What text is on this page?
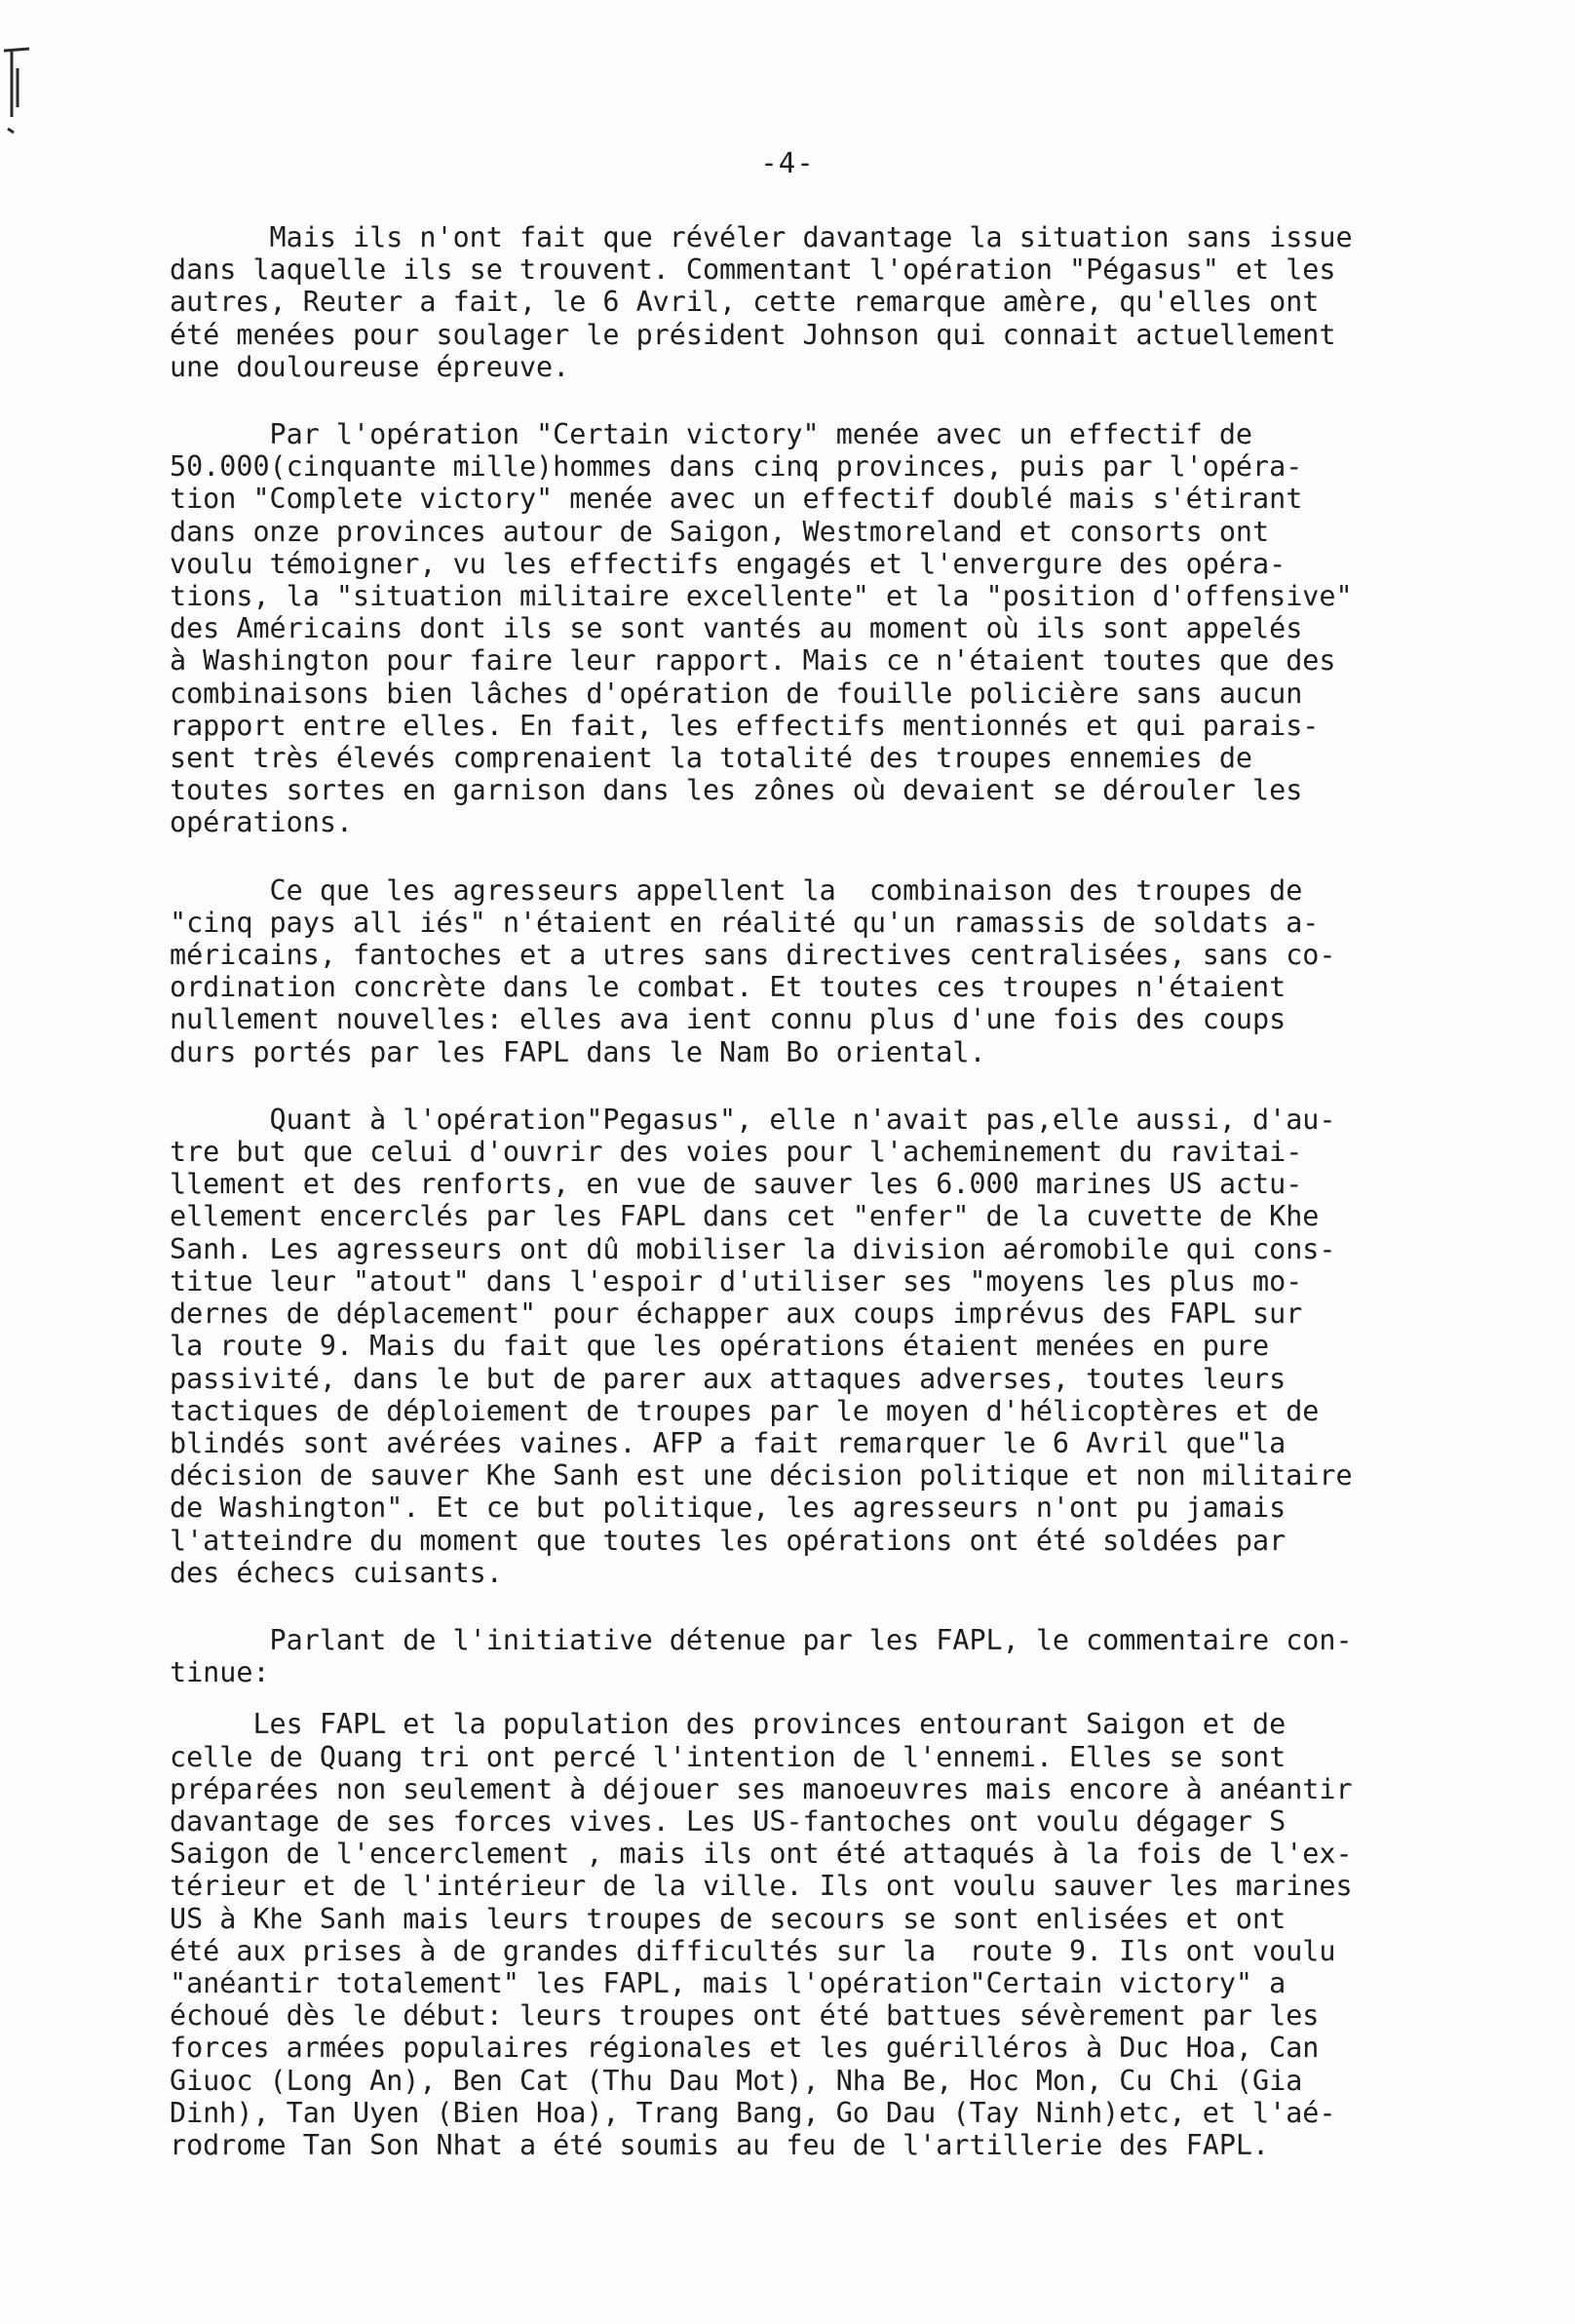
-4-
Mais ils n'ont fait que révéler davantage la situation sans issue
dans laquelle ils se trouvent. Commentant l'opération "Pégasus" et les
autres, Reuter a fait, le 6 Avril, cette remarque amère, qu'elles ont
été menées pour soulager le président Johnson qui connait actuellement
une douloureuse épreuve.
Par l'opération "Certain victory" menée avec un effectif de
50.000(cinquante mille)hommes dans cinq provinces, puis par l'opéra-
tion "Complete victory" menée avec un effectif doublé mais s'étirant
dans onze provinces autour de Saigon, Westmoreland et consorts ont
voulu témoigner, vu les effectifs engagés et l'envergure des opéra-
tions, la "situation militaire excellente" et la "position d'offensive"
des Américains dont ils se sont vantés au moment où ils sont appelés
à Washington pour faire leur rapport. Mais ce n'étaient toutes que des
combinaisons bien lâches d'opération de fouille policière sans aucun
rapport entre elles. En fait, les effectifs mentionnés et qui parais-
sent très élevés comprenaient la totalité des troupes ennemies de
toutes sortes en garnison dans les zônes où devaient se dérouler les
opérations.
Ce que les agresseurs appellent la  combinaison des troupes de
"cinq pays all iés" n'étaient en réalité qu'un ramassis de soldats a-
méricains, fantoches et a utres sans directives centralisées, sans co-
ordination concrète dans le combat. Et toutes ces troupes n'étaient
nullement nouvelles: elles ava ient connu plus d'une fois des coups
durs portés par les FAPL dans le Nam Bo oriental.
Quant à l'opération"Pegasus", elle n'avait pas,elle aussi, d'au-
tre but que celui d'ouvrir des voies pour l'acheminement du ravitai-
llement et des renforts, en vue de sauver les 6.000 marines US actu-
ellement encerclés par les FAPL dans cet "enfer" de la cuvette de Khe
Sanh. Les agresseurs ont dû mobiliser la division aéromobile qui cons-
titue leur "atout" dans l'espoir d'utiliser ses "moyens les plus mo-
dernes de déplacement" pour échapper aux coups imprévus des FAPL sur
la route 9. Mais du fait que les opérations étaient menées en pure
passivité, dans le but de parer aux attaques adverses, toutes leurs
tactiques de déploiement de troupes par le moyen d'hélicoptères et de
blindés sont avérées vaines. AFP a fait remarquer le 6 Avril que"la
décision de sauver Khe Sanh est une décision politique et non militaire
de Washington". Et ce but politique, les agresseurs n'ont pu jamais
l'atteindre du moment que toutes les opérations ont été soldées par
des échecs cuisants.
Parlant de l'initiative détenue par les FAPL, le commentaire con-
tinue:
Les FAPL et la population des provinces entourant Saigon et de
celle de Quang tri ont percé l'intention de l'ennemi. Elles se sont
préparées non seulement à déjouer ses manoeuvres mais encore à anéantir
davantage de ses forces vives. Les US-fantoches ont voulu dégager S
Saigon de l'encerclement , mais ils ont été attaqués à la fois de l'ex-
térieur et de l'intérieur de la ville. Ils ont voulu sauver les marines
US à Khe Sanh mais leurs troupes de secours se sont enlisées et ont
été aux prises à de grandes difficultés sur la  route 9. Ils ont voulu
"anéantir totalement" les FAPL, mais l'opération"Certain victory" a
échoué dès le début: leurs troupes ont été battues sévèrement par les
forces armées populaires régionales et les guérilléros à Duc Hoa, Can
Giuoc (Long An), Ben Cat (Thu Dau Mot), Nha Be, Hoc Mon, Cu Chi (Gia
Dinh), Tan Uyen (Bien Hoa), Trang Bang, Go Dau (Tay Ninh)etc, et l'aé-
rodrome Tan Son Nhat a été soumis au feu de l'artillerie des FAPL.
